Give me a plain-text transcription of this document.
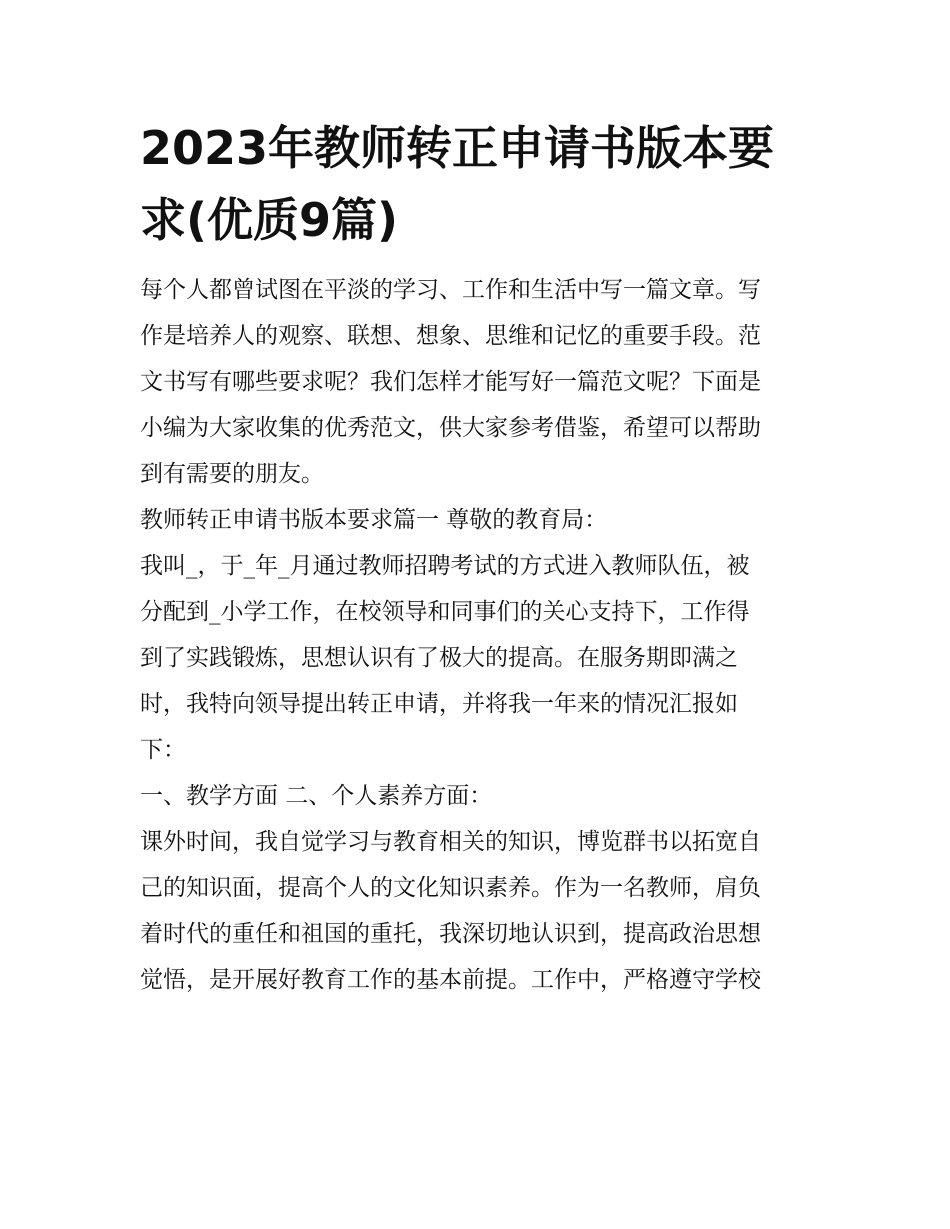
2023年教师转正申请书版本要
求(优质9篇)
每个人都曾试图在平淡的学习、工作和生活中写一篇文章。写
作是培养人的观察、联想、想象、思维和记忆的重要手段。范
文书写有哪些要求呢？我们怎样才能写好一篇范文呢？下面是
小编为大家收集的优秀范文，供大家参考借鉴，希望可以帮助
到有需要的朋友。
教师转正申请书版本要求篇一 尊敬的教育局：
我叫_，于_年_月通过教师招聘考试的方式进入教师队伍，被
分配到_小学工作，在校领导和同事们的关心支持下，工作得
到了实践锻炼，思想认识有了极大的提高。在服务期即满之
时，我特向领导提出转正申请，并将我一年来的情况汇报如
下：
一、教学方面 二、个人素养方面：
课外时间，我自觉学习与教育相关的知识，博览群书以拓宽自
己的知识面，提高个人的文化知识素养。作为一名教师，肩负
着时代的重任和祖国的重托，我深切地认识到，提高政治思想
觉悟，是开展好教育工作的基本前提。工作中，严格遵守学校
